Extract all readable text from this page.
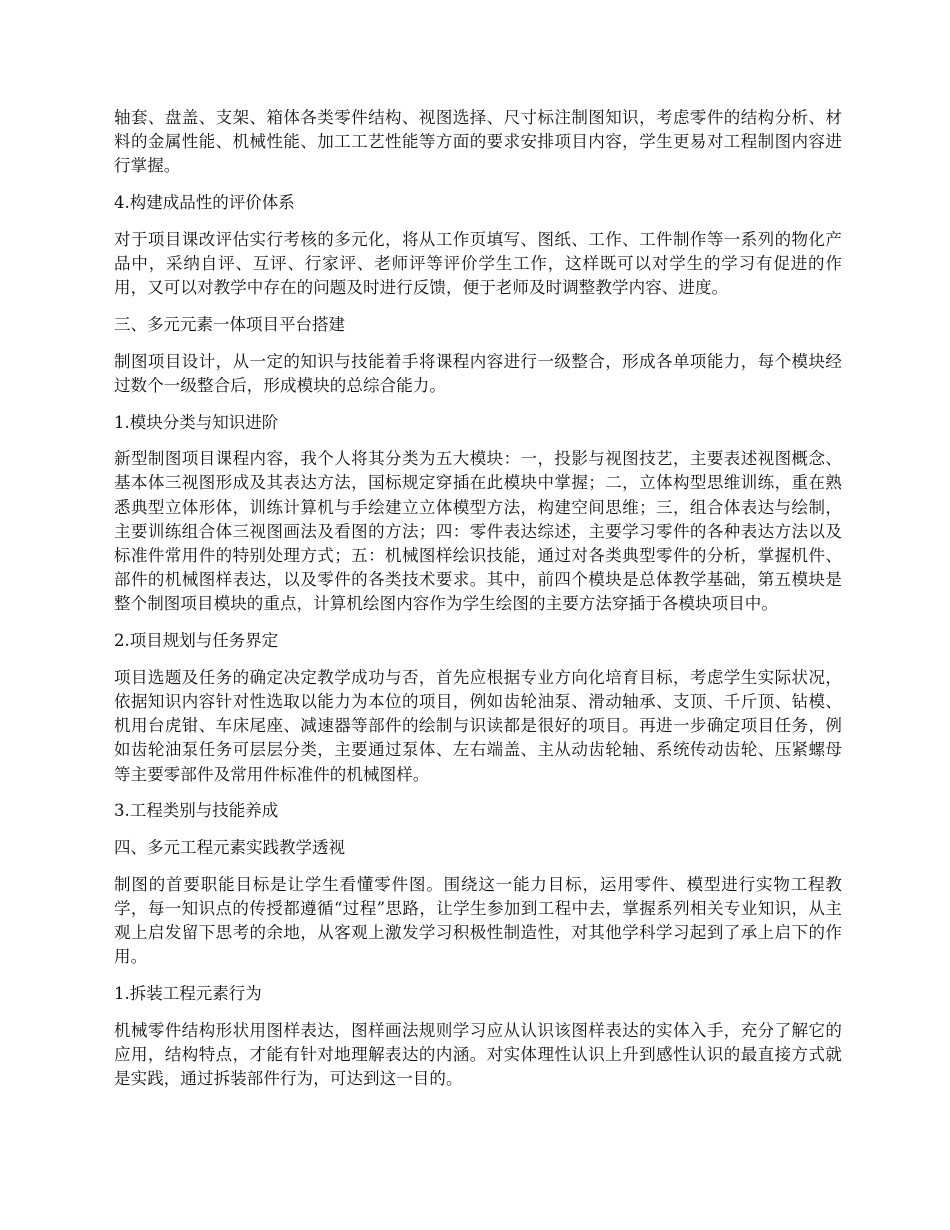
轴套、盘盖、支架、箱体各类零件结构、视图选择、尺寸标注制图知识，考虑零件的结构分析、材料的金属性能、机械性能、加工工艺性能等方面的要求安排项目内容，学生更易对工程制图内容进行掌握。

4.构建成品性的评价体系

对于项目课改评估实行考核的多元化，将从工作页填写、图纸、工作、工件制作等一系列的物化产品中，采纳自评、互评、行家评、老师评等评价学生工作，这样既可以对学生的学习有促进的作用，又可以对教学中存在的问题及时进行反馈，便于老师及时调整教学内容、进度。

三、多元元素一体项目平台搭建

制图项目设计，从一定的知识与技能着手将课程内容进行一级整合，形成各单项能力，每个模块经过数个一级整合后，形成模块的总综合能力。

1.模块分类与知识进阶

新型制图项目课程内容，我个人将其分类为五大模块：一，投影与视图技艺，主要表述视图概念、基本体三视图形成及其表达方法，国标规定穿插在此模块中掌握；二，立体构型思维训练，重在熟悉典型立体形体，训练计算机与手绘建立立体模型方法，构建空间思维；三，组合体表达与绘制，主要训练组合体三视图画法及看图的方法；四：零件表达综述，主要学习零件的各种表达方法以及标准件常用件的特别处理方式；五：机械图样绘识技能，通过对各类典型零件的分析，掌握机件、部件的机械图样表达，以及零件的各类技术要求。其中，前四个模块是总体教学基础，第五模块是整个制图项目模块的重点，计算机绘图内容作为学生绘图的主要方法穿插于各模块项目中。

2.项目规划与任务界定

项目选题及任务的确定决定教学成功与否，首先应根据专业方向化培育目标，考虑学生实际状况，依据知识内容针对性选取以能力为本位的项目，例如齿轮油泵、滑动轴承、支顶、千斤顶、钻模、机用台虎钳、车床尾座、减速器等部件的绘制与识读都是很好的项目。再进一步确定项目任务，例如齿轮油泵任务可层层分类，主要通过泵体、左右端盖、主从动齿轮轴、系统传动齿轮、压紧螺母等主要零部件及常用件标准件的机械图样。

3.工程类别与技能养成

四、多元工程元素实践教学透视

制图的首要职能目标是让学生看懂零件图。围绕这一能力目标，运用零件、模型进行实物工程教学，每一知识点的传授都遵循“过程”思路，让学生参加到工程中去，掌握系列相关专业知识，从主观上启发留下思考的余地，从客观上激发学习积极性制造性，对其他学科学习起到了承上启下的作用。

1.拆装工程元素行为

机械零件结构形状用图样表达，图样画法规则学习应从认识该图样表达的实体入手，充分了解它的应用，结构特点，才能有针对地理解表达的内涵。对实体理性认识上升到感性认识的最直接方式就是实践，通过拆装部件行为，可达到这一目的。
